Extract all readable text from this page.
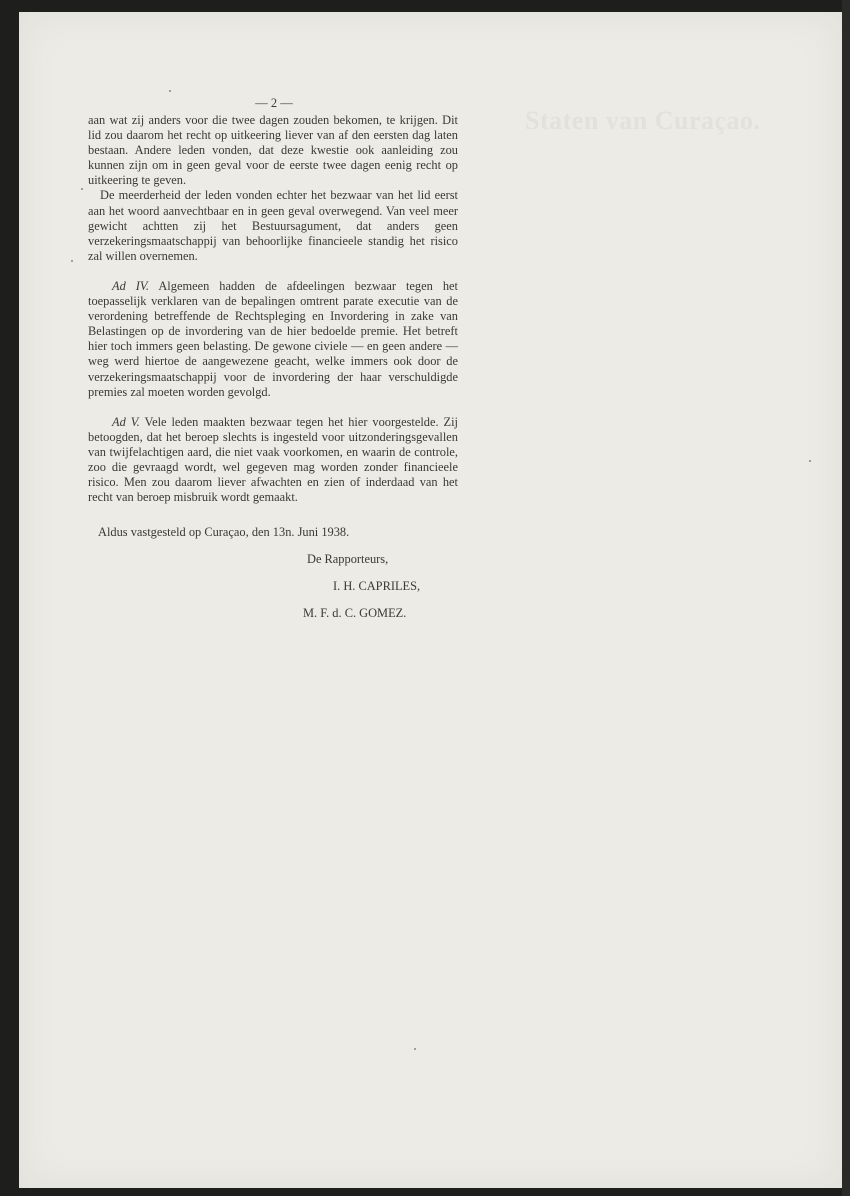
Staten van Curaçao.
— 2 —

aan wat zij anders voor die twee dagen zouden bekomen, te krijgen. Dit lid zou daarom het recht op uitkeering liever van af den eersten dag laten bestaan. Andere leden vonden, dat deze kwestie ook aanleiding zou kunnen zijn om in geen geval voor de eerste twee dagen eenig recht op uitkeering te geven.

De meerderheid der leden vonden echter het bezwaar van het lid eerst aan het woord aanvechtbaar en in geen geval overwegend. Van veel meer gewicht achtten zij het Bestuursagument, dat anders geen verzekeringsmaatschappij van behoorlijke financieele standig het risico zal willen overnemen.

Ad IV. Algemeen hadden de afdeelingen bezwaar tegen het toepasselijk verklaren van de bepalingen omtrent parate executie van de verordening betreffende de Rechtspleging en Invordering in zake van Belastingen op de invordering van de hier bedoelde premie. Het betreft hier toch immers geen belasting. De gewone civiele — en geen andere — weg werd hiertoe de aangewezene geacht, welke immers ook door de verzekeringsmaatschappij voor de invordering der haar verschuldigde premies zal moeten worden gevolgd.

Ad V. Vele leden maakten bezwaar tegen het hier voorgestelde. Zij betoogden, dat het beroep slechts is ingesteld voor uitzonderingsgevallen van twijfelachtigen aard, die niet vaak voorkomen, en waarin de controle, zoo die gevraagd wordt, wel gegeven mag worden zonder financieele risico. Men zou daarom liever afwachten en zien of inderdaad van het recht van beroep misbruik wordt gemaakt.

Aldus vastgesteld op Curaçao, den 13n. Juni 1938.

De Rapporteurs,

I. H. CAPRILES,

M. F. d. C. GOMEZ.
